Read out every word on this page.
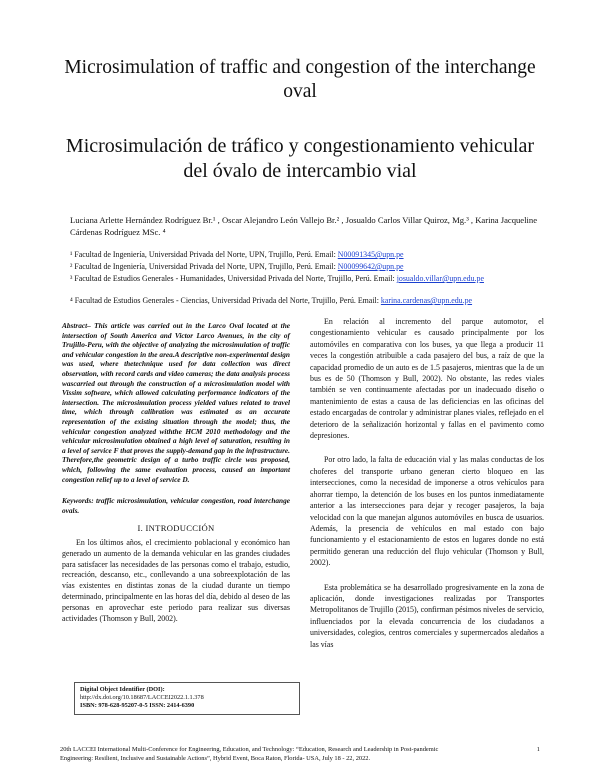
Microsimulation of traffic and congestion of the interchange oval
Microsimulación de tráfico y congestionamiento vehicular del óvalo de intercambio vial
Luciana Arlette Hernández Rodríguez Br.¹ , Oscar Alejandro León Vallejo Br.² , Josualdo Carlos Villar Quiroz, Mg.³ , Karina Jacqueline Cárdenas Rodríguez MSc. ⁴
¹ Facultad de Ingeniería, Universidad Privada del Norte, UPN, Trujillo, Perú. Email: N00091345@upn.pe
² Facultad de Ingeniería, Universidad Privada del Norte, UPN, Trujillo, Perú. Email: N00099642@upn.pe
³ Facultad de Estudios Generales - Humanidades, Universidad Privada del Norte, Trujillo, Perú. Email: josualdo.villar@upn.edu.pe
⁴ Facultad de Estudios Generales - Ciencias, Universidad Privada del Norte, Trujillo, Perú. Email: karina.cardenas@upn.edu.pe

Abstract– This article was carried out in the Larco Oval located at the intersection of South America and Victor Larco Avenues, in the city of Trujillo-Peru, with the objective of analyzing the microsimulation of traffic and vehicular congestion in the area.A descriptive non-experimental design was used, where thetechnique used for data collection was direct observation, with record cards and video cameras; the data analysis process wascarried out through the construction of a microsimulation model with Vissim software, which allowed calculating performance indicators of the intersection. The microsimulation process yielded values related to travel time, which through calibration was estimated as an accurate representation of the existing situation through the model; thus, the vehicular congestion analyzed withthe HCM 2010 methodology and the vehicular microsimulation obtained a high level of saturation, resulting in a level of service F that proves the supply-demand gap in the infrastructure. Therefore,the geometric design of a turbo traffic circle was proposed, which, following the same evaluation process, caused an important congestion relief up to a level of service D.

Keywords: traffic microsimulation, vehicular congestion, road interchange ovals.

I. INTRODUCCIÓN

En los últimos años, el crecimiento poblacional y económico han generado un aumento de la demanda vehicular en las grandes ciudades para satisfacer las necesidades de las personas como el trabajo, estudio, recreación, descanso, etc., conllevando a una sobreexplotación de las vías existentes en distintas zonas de la ciudad durante un tiempo determinado, principalmente en las horas del día, debido al deseo de las personas en aprovechar este periodo para realizar sus diversas actividades (Thomson y Bull, 2002).

En relación al incremento del parque automotor, el congestionamiento vehicular es causado principalmente por los automóviles en comparativa con los buses, ya que llega a producir 11 veces la congestión atribuible a cada pasajero del bus, a raíz de que la capacidad promedio de un auto es de 1.5 pasajeros, mientras que la de un bus es de 50 (Thomson y Bull, 2002). No obstante, las redes viales también se ven continuamente afectadas por un inadecuado diseño o mantenimiento de estas a causa de las deficiencias en las oficinas del estado encargadas de controlar y administrar planes viales, reflejado en el deterioro de la señalización horizontal y fallas en el pavimento como depresiones.

Por otro lado, la falta de educación vial y las malas conductas de los choferes del transporte urbano generan cierto bloqueo en las intersecciones, como la necesidad de imponerse a otros vehículos para ahorrar tiempo, la detención de los buses en los puntos inmediatamente anterior a las intersecciones para dejar y recoger pasajeros, la baja velocidad con la que manejan algunos automóviles en busca de usuarios. Además, la presencia de vehículos en mal estado con bajo funcionamiento y el estacionamiento de estos en lugares donde no está permitido generan una reducción del flujo vehicular (Thomson y Bull, 2002).

Esta problemática se ha desarrollado progresivamente en la zona de aplicación, donde investigaciones realizadas por Transportes Metropolitanos de Trujillo (2015), confirman pésimos niveles de servicio, influenciados por la elevada concurrencia de los ciudadanos a universidades, colegios, centros comerciales y supermercados aledaños a las vías

Digital Object Identifier (DOI):
http://dx.doi.org/10.18687/LACCEI2022.1.1.378
ISBN: 978-628-95207-0-5 ISSN: 2414-6390
20th LACCEI International Multi-Conference for Engineering, Education, and Technology: “Education, Research and Leadership in Post-pandemic
Engineering: Resilient, Inclusive and Sustainable Actions”, Hybrid Event, Boca Raton, Florida- USA, July 18 - 22, 2022.
1
